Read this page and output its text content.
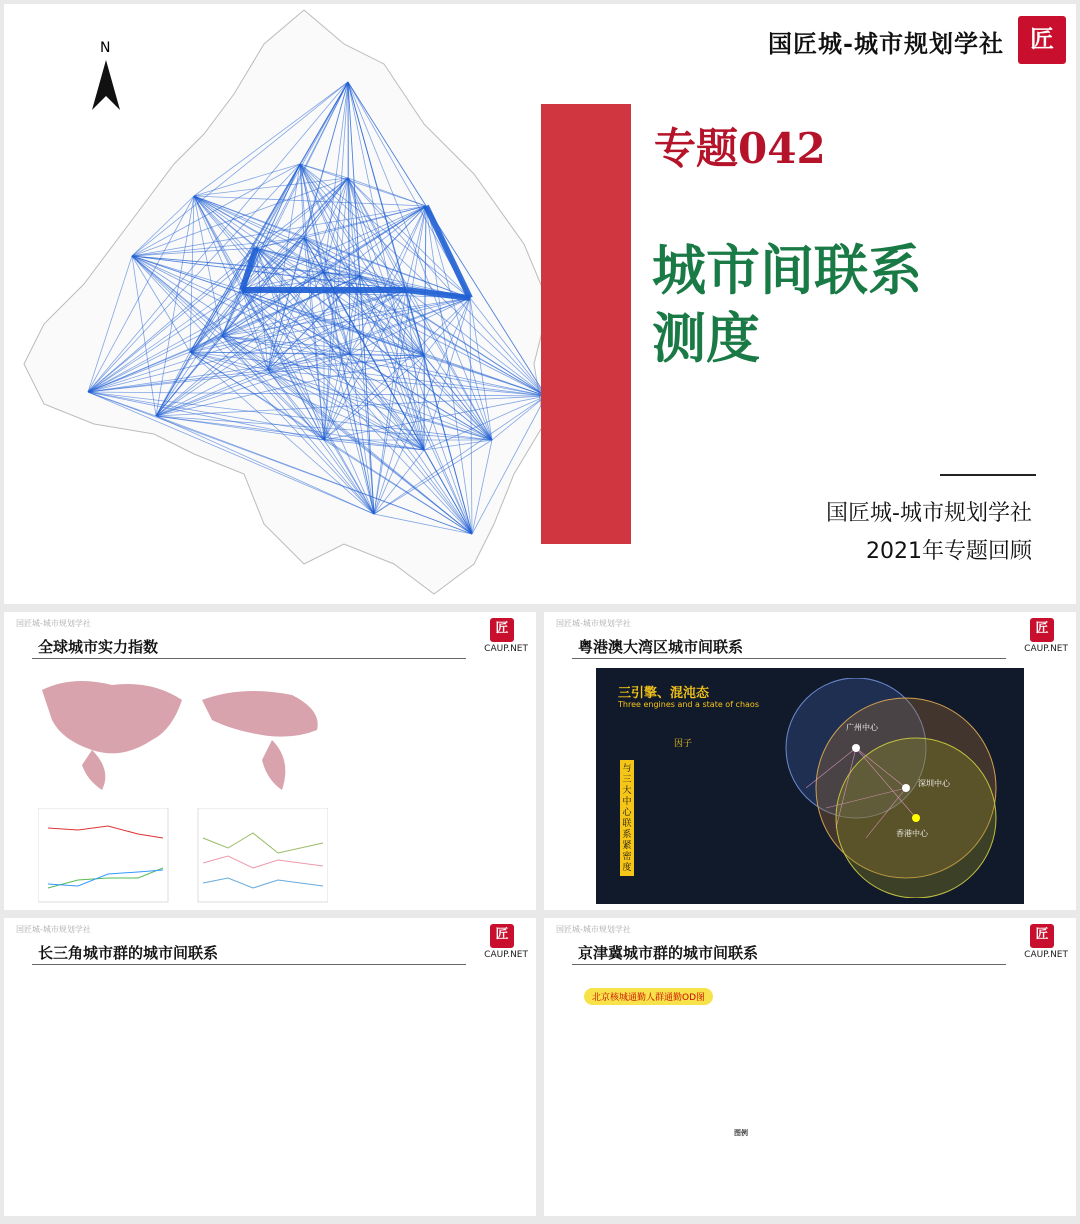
N	国匠城-城市规划学社	匠
专题042
城市间联系
测度
国匠城-城市规划学社
2021年专题回顾
国匠城-城市规划学社
全球城市实力指数
匠
CAUP.NET
国匠城-城市规划学社
粤港澳大湾区城市间联系
匠
CAUP.NET
三引擎、混沌态
Three engines and a state of chaos
因子
与三大中心联系紧密度
广州中心
深圳中心
香港中心
国匠城-城市规划学社
长三角城市群的城市间联系
匠
CAUP.NET
国匠城-城市规划学社
京津冀城市群的城市间联系
匠
CAUP.NET
北京核城通勤人群通勤OD图
图例
